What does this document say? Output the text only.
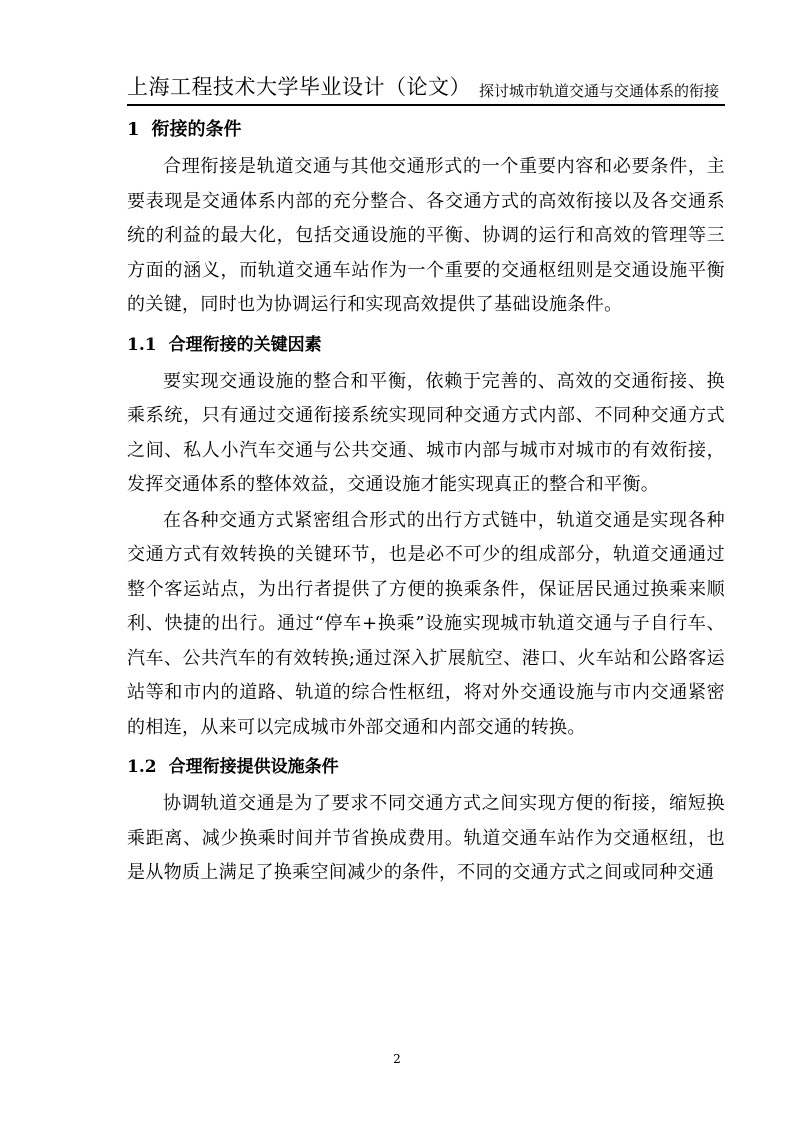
上海工程技术大学毕业设计（论文） 探讨城市轨道交通与交通体系的衔接
1 衔接的条件

合理衔接是轨道交通与其他交通形式的一个重要内容和必要条件，主要表现是交通体系内部的充分整合、各交通方式的高效衔接以及各交通系统的利益的最大化，包括交通设施的平衡、协调的运行和高效的管理等三方面的涵义，而轨道交通车站作为一个重要的交通枢纽则是交通设施平衡的关键，同时也为协调运行和实现高效提供了基础设施条件。

1.1 合理衔接的关键因素

要实现交通设施的整合和平衡，依赖于完善的、高效的交通衔接、换乘系统，只有通过交通衔接系统实现同种交通方式内部、不同种交通方式之间、私人小汽车交通与公共交通、城市内部与城市对城市的有效衔接，发挥交通体系的整体效益，交通设施才能实现真正的整合和平衡。

在各种交通方式紧密组合形式的出行方式链中，轨道交通是实现各种交通方式有效转换的关键环节，也是必不可少的组成部分，轨道交通通过整个客运站点，为出行者提供了方便的换乘条件，保证居民通过换乘来顺利、快捷的出行。通过“停车+换乘”设施实现城市轨道交通与子自行车、汽车、公共汽车的有效转换;通过深入扩展航空、港口、火车站和公路客运站等和市内的道路、轨道的综合性枢纽，将对外交通设施与市内交通紧密的相连，从来可以完成城市外部交通和内部交通的转换。

1.2 合理衔接提供设施条件

协调轨道交通是为了要求不同交通方式之间实现方便的衔接，缩短换乘距离、减少换乘时间并节省换成费用。轨道交通车站作为交通枢纽，也是从物质上满足了换乘空间减少的条件，不同的交通方式之间或同种交通

2
